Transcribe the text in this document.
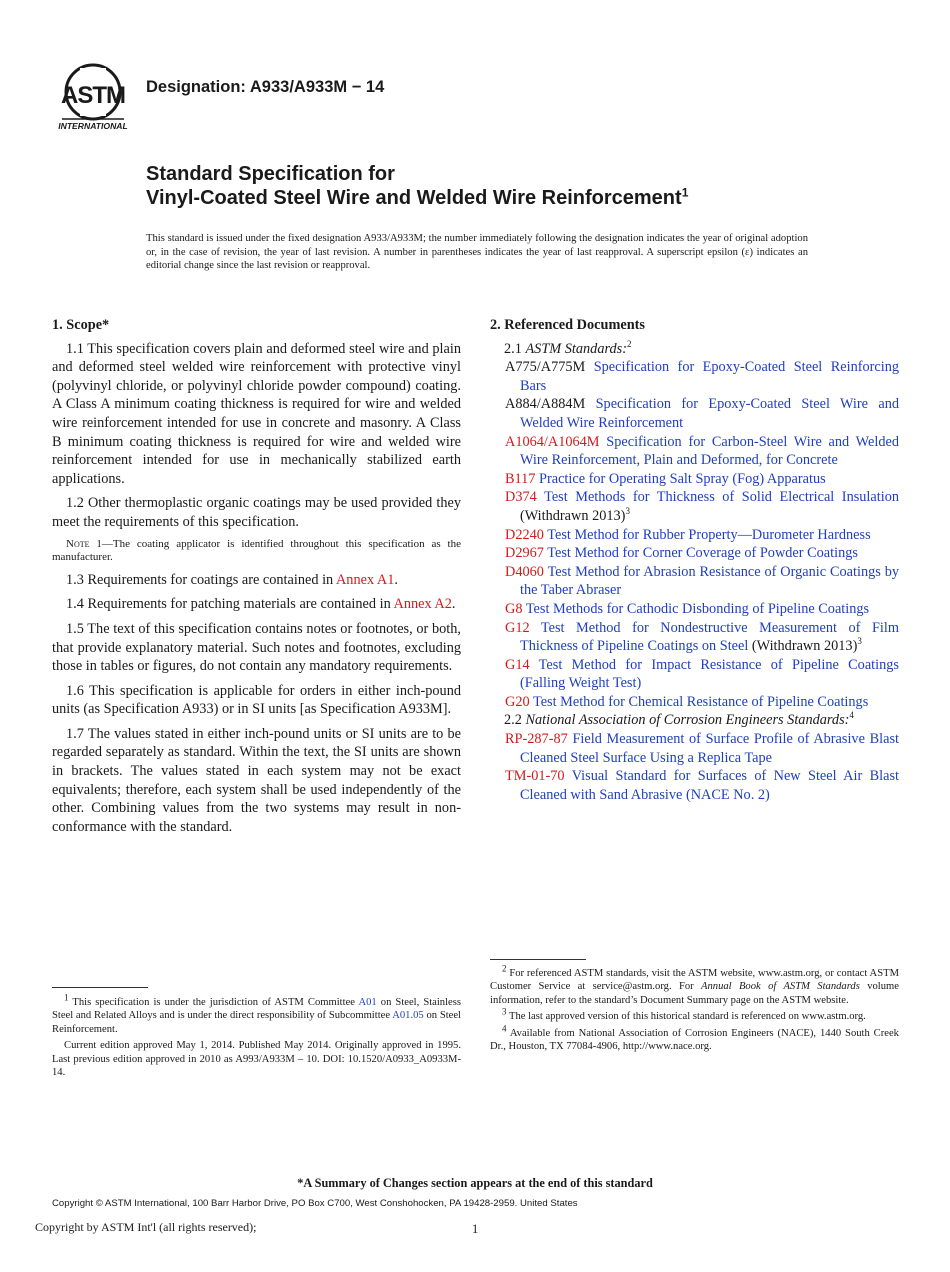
ASTM
INTERNATIONAL
Designation: A933/A933M − 14
Standard Specification for
Vinyl-Coated Steel Wire and Welded Wire Reinforcement$^1$
This standard is issued under the fixed designation A933/A933M; the number immediately following the designation indicates the year of original adoption or, in the case of revision, the year of last revision. A number in parentheses indicates the year of last reapproval. A superscript epsilon (ε) indicates an editorial change since the last revision or reapproval.
1. Scope*

1.1 This specification covers plain and deformed steel wire and plain and deformed steel welded wire reinforcement with protective vinyl (polyvinyl chloride, or polyvinyl chloride powder compound) coating. A Class A minimum coating thickness is required for wire and welded wire reinforcement intended for use in concrete and masonry. A Class B minimum coating thickness is required for wire and welded wire reinforcement intended for use in mechanically stabilized earth applications.

1.2 Other thermoplastic organic coatings may be used provided they meet the requirements of this specification.

Note 1—The coating applicator is identified throughout this specification as the manufacturer.

1.3 Requirements for coatings are contained in Annex A1.

1.4 Requirements for patching materials are contained in Annex A2.

1.5 The text of this specification contains notes or footnotes, or both, that provide explanatory material. Such notes and footnotes, excluding those in tables or figures, do not contain any mandatory requirements.

1.6 This specification is applicable for orders in either inch-pound units (as Specification A933) or in SI units [as Specification A933M].

1.7 The values stated in either inch-pound units or SI units are to be regarded separately as standard. Within the text, the SI units are shown in brackets. The values stated in each system may not be exact equivalents; therefore, each system shall be used independently of the other. Combining values from the two systems may result in non-conformance with the standard.

$^1$ This specification is under the jurisdiction of ASTM Committee A01 on Steel, Stainless Steel and Related Alloys and is under the direct responsibility of Subcommittee A01.05 on Steel Reinforcement.

Current edition approved May 1, 2014. Published May 2014. Originally approved in 1995. Last previous edition approved in 2010 as A993/A933M – 10. DOI: 10.1520/A0933_A0933M-14.

2. Referenced Documents
2.1 ASTM Standards:$^2$
A775/A775M Specification for Epoxy-Coated Steel Reinforcing Bars
A884/A884M Specification for Epoxy-Coated Steel Wire and Welded Wire Reinforcement
A1064/A1064M Specification for Carbon-Steel Wire and Welded Wire Reinforcement, Plain and Deformed, for Concrete
B117 Practice for Operating Salt Spray (Fog) Apparatus
D374 Test Methods for Thickness of Solid Electrical Insulation (Withdrawn 2013)$^3$
D2240 Test Method for Rubber Property—Durometer Hardness
D2967 Test Method for Corner Coverage of Powder Coatings
D4060 Test Method for Abrasion Resistance of Organic Coatings by the Taber Abraser
G8 Test Methods for Cathodic Disbonding of Pipeline Coatings
G12 Test Method for Nondestructive Measurement of Film Thickness of Pipeline Coatings on Steel (Withdrawn 2013)$^3$
G14 Test Method for Impact Resistance of Pipeline Coatings (Falling Weight Test)
G20 Test Method for Chemical Resistance of Pipeline Coatings
2.2 National Association of Corrosion Engineers Standards:$^4$
RP-287-87 Field Measurement of Surface Profile of Abrasive Blast Cleaned Steel Surface Using a Replica Tape
TM-01-70 Visual Standard for Surfaces of New Steel Air Blast Cleaned with Sand Abrasive (NACE No. 2)

$^2$ For referenced ASTM standards, visit the ASTM website, www.astm.org, or contact ASTM Customer Service at service@astm.org. For Annual Book of ASTM Standards volume information, refer to the standard’s Document Summary page on the ASTM website.

$^3$ The last approved version of this historical standard is referenced on www.astm.org.

$^4$ Available from National Association of Corrosion Engineers (NACE), 1440 South Creek Dr., Houston, TX 77084-4906, http://www.nace.org.

*A Summary of Changes section appears at the end of this standard
Copyright © ASTM International, 100 Barr Harbor Drive, PO Box C700, West Conshohocken, PA 19428-2959. United States
Copyright by ASTM Int'l (all rights reserved);	1
